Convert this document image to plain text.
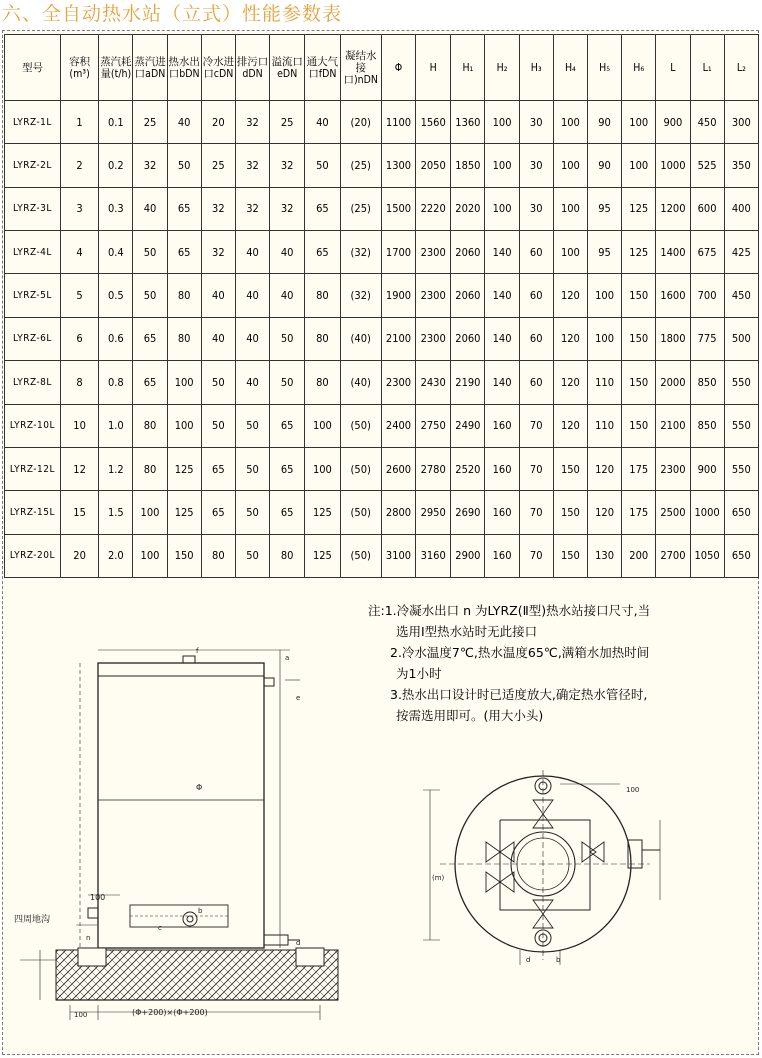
六、全自动热水站（立式）性能参数表
型号	容积(m³)	蒸汽耗量(t/h)	蒸汽进口aDN	热水出口bDN	冷水进口cDN	排污口dDN	溢流口eDN	通大气口fDN	凝结水接口)nDN	Φ	H	H₁	H₂	H₃	H₄	H₅	H₆	L	L₁	L₂
LYRZ-1L	1	0.1	25	40	20	32	25	40	(20)	1100	1560	1360	100	30	100	90	100	900	450	300
LYRZ-2L	2	0.2	32	50	25	32	32	50	(25)	1300	2050	1850	100	30	100	90	100	1000	525	350
LYRZ-3L	3	0.3	40	65	32	32	32	65	(25)	1500	2220	2020	100	30	100	95	125	1200	600	400
LYRZ-4L	4	0.4	50	65	32	40	40	65	(32)	1700	2300	2060	140	60	100	95	125	1400	675	425
LYRZ-5L	5	0.5	50	80	40	40	40	80	(32)	1900	2300	2060	140	60	120	100	150	1600	700	450
LYRZ-6L	6	0.6	65	80	40	40	50	80	(40)	2100	2300	2060	140	60	120	100	150	1800	775	500
LYRZ-8L	8	0.8	65	100	50	40	50	80	(40)	2300	2430	2190	140	60	120	110	150	2000	850	550
LYRZ-10L	10	1.0	80	100	50	50	65	100	(50)	2400	2750	2490	160	70	120	110	150	2100	850	550
LYRZ-12L	12	1.2	80	125	65	50	65	100	(50)	2600	2780	2520	160	70	150	120	175	2300	900	550
LYRZ-15L	15	1.5	100	125	65	50	65	125	(50)	2800	2950	2690	160	70	150	120	175	2500	1000	650
LYRZ-20L	20	2.0	100	150	80	50	80	125	(50)	3100	3160	2900	160	70	150	130	200	2700	1050	650
注:1.冷凝水出口 n 为LYRZ(Ⅱ型)热水站接口尺寸,当
选用Ⅰ型热水站时无此接口
2.冷水温度7℃,热水温度65℃,满箱水加热时间
为1小时
3.热水出口设计时已适度放大,确定热水管径时,
按需选用即可。(用大小头)
Φ
100
四周地沟
(Φ+200)×(Φ+200)
100
f
a
e
c
b
d
n
100
(m)
d	b
